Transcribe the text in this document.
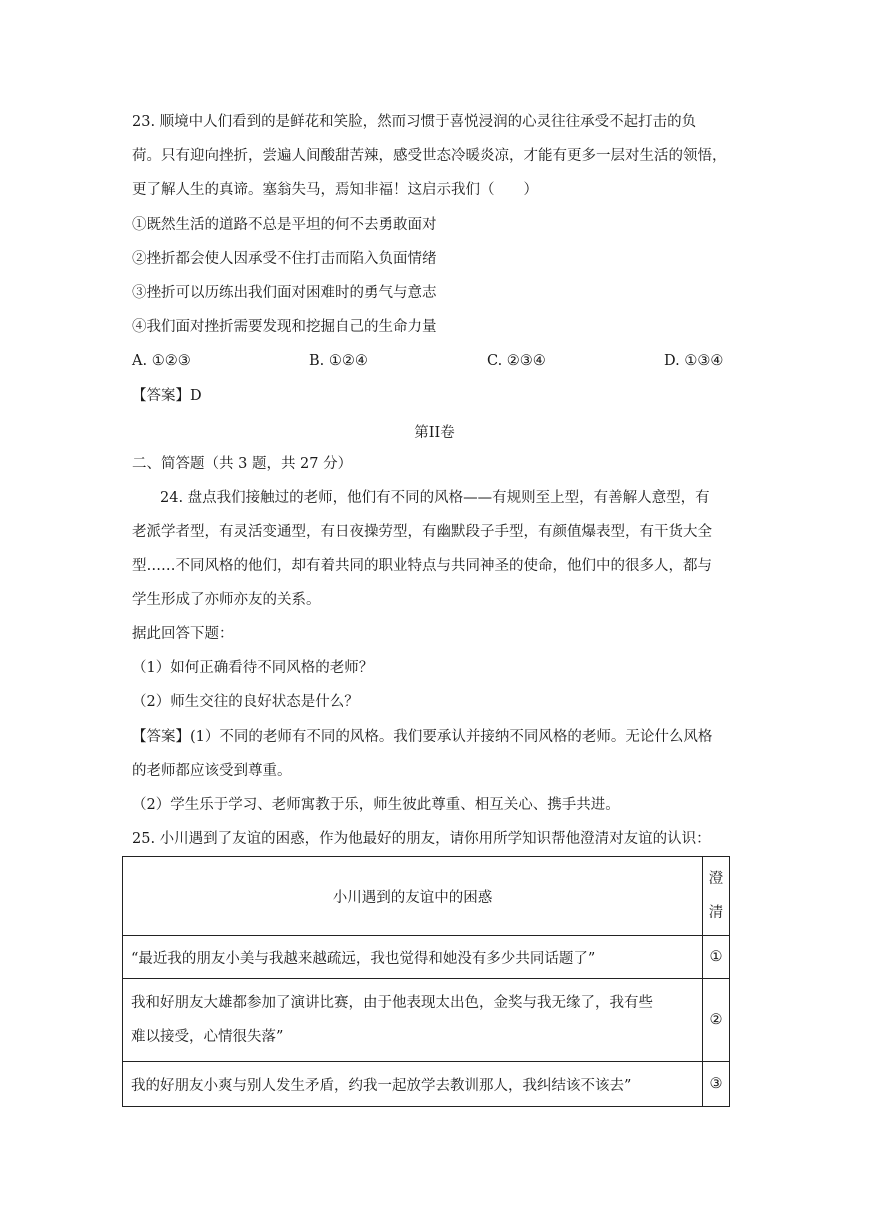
23. 顺境中人们看到的是鲜花和笑脸，然而习惯于喜悦浸润的心灵往往承受不起打击的负
荷。只有迎向挫折，尝遍人间酸甜苦辣，感受世态冷暖炎凉，才能有更多一层对生活的领悟，
更了解人生的真谛。塞翁失马，焉知非福！这启示我们（　　）
①既然生活的道路不总是平坦的何不去勇敢面对
②挫折都会使人因承受不住打击而陷入负面情绪
③挫折可以历练出我们面对困难时的勇气与意志
④我们面对挫折需要发现和挖掘自己的生命力量
A. ①②③	B. ①②④	C. ②③④	D. ①③④
【答案】D
第II卷
二、简答题（共 3 题，共 27 分）
24. 盘点我们接触过的老师，他们有不同的风格——有规则至上型，有善解人意型，有
老派学者型，有灵活变通型，有日夜操劳型，有幽默段子手型，有颜值爆表型，有干货大全
型……不同风格的他们，却有着共同的职业特点与共同神圣的使命，他们中的很多人，都与
学生形成了亦师亦友的关系。
据此回答下题：
（1）如何正确看待不同风格的老师？
（2）师生交往的良好状态是什么？
【答案】(1）不同的老师有不同的风格。我们要承认并接纳不同风格的老师。无论什么风格
的老师都应该受到尊重。
（2）学生乐于学习、老师寓教于乐，师生彼此尊重、相互关心、携手共进。
25. 小川遇到了友谊的困惑，作为他最好的朋友，请你用所学知识帮他澄清对友谊的认识：
小川遇到的友谊中的困惑	澄
清

“最近我的朋友小美与我越来越疏远，我也觉得和她没有多少共同话题了”	①

我和好朋友大雄都参加了演讲比赛，由于他表现太出色，金奖与我无缘了，我有些
难以接受，心情很失落”	②
我的好朋友小爽与别人发生矛盾，约我一起放学去教训那人，我纠结该不该去”	③
